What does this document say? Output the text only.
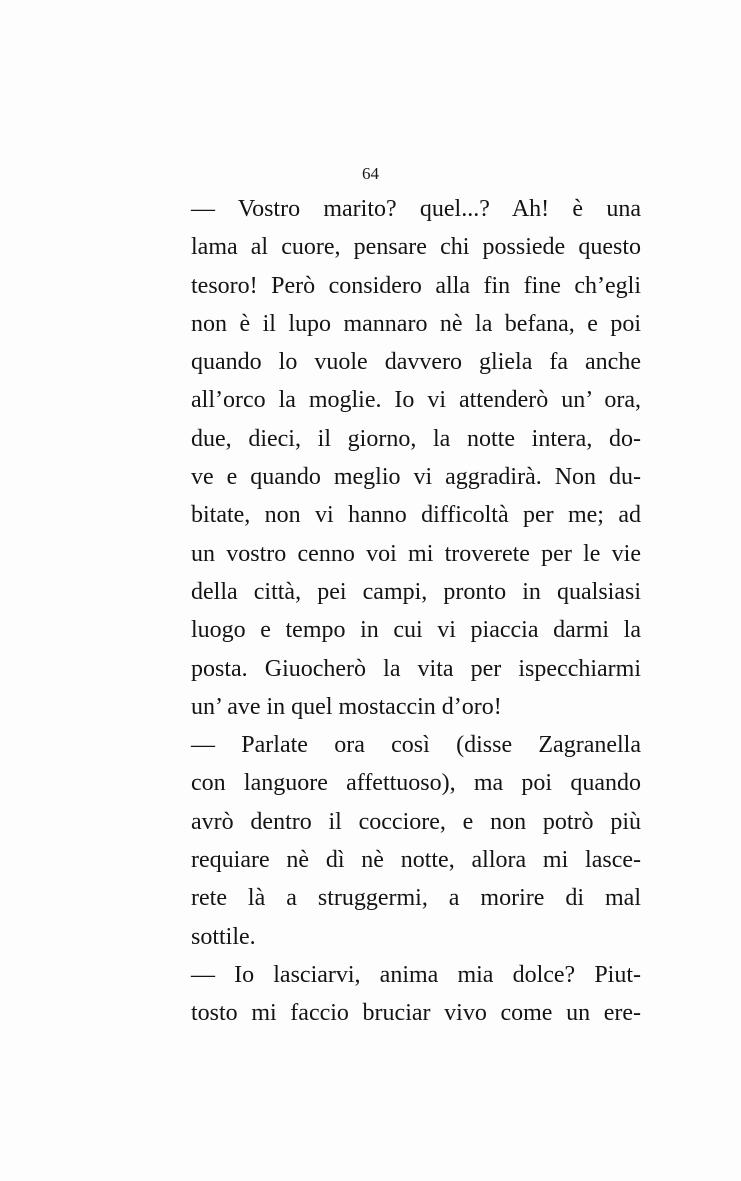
64
— Vostro marito? quel...? Ah! è una
lama al cuore, pensare chi possiede questo
tesoro! Però considero alla fin fine ch’egli
non è il lupo mannaro nè la befana, e poi
quando lo vuole davvero gliela fa anche
all’orco la moglie. Io vi attenderò un’ ora,
due, dieci, il giorno, la notte intera, do-
ve e quando meglio vi aggradirà. Non du-
bitate, non vi hanno difficoltà per me; ad
un vostro cenno voi mi troverete per le vie
della città, pei campi, pronto in qualsiasi
luogo e tempo in cui vi piaccia darmi la
posta. Giuocherò la vita per ispecchiarmi
un’ ave in quel mostaccin d’oro!
— Parlate ora così (disse Zagranella
con languore affettuoso), ma poi quando
avrò dentro il cocciore, e non potrò più
requiare nè dì nè notte, allora mi lasce-
rete là a struggermi, a morire di mal
sottile.
— Io lasciarvi, anima mia dolce? Piut-
tosto mi faccio bruciar vivo come un ere-
